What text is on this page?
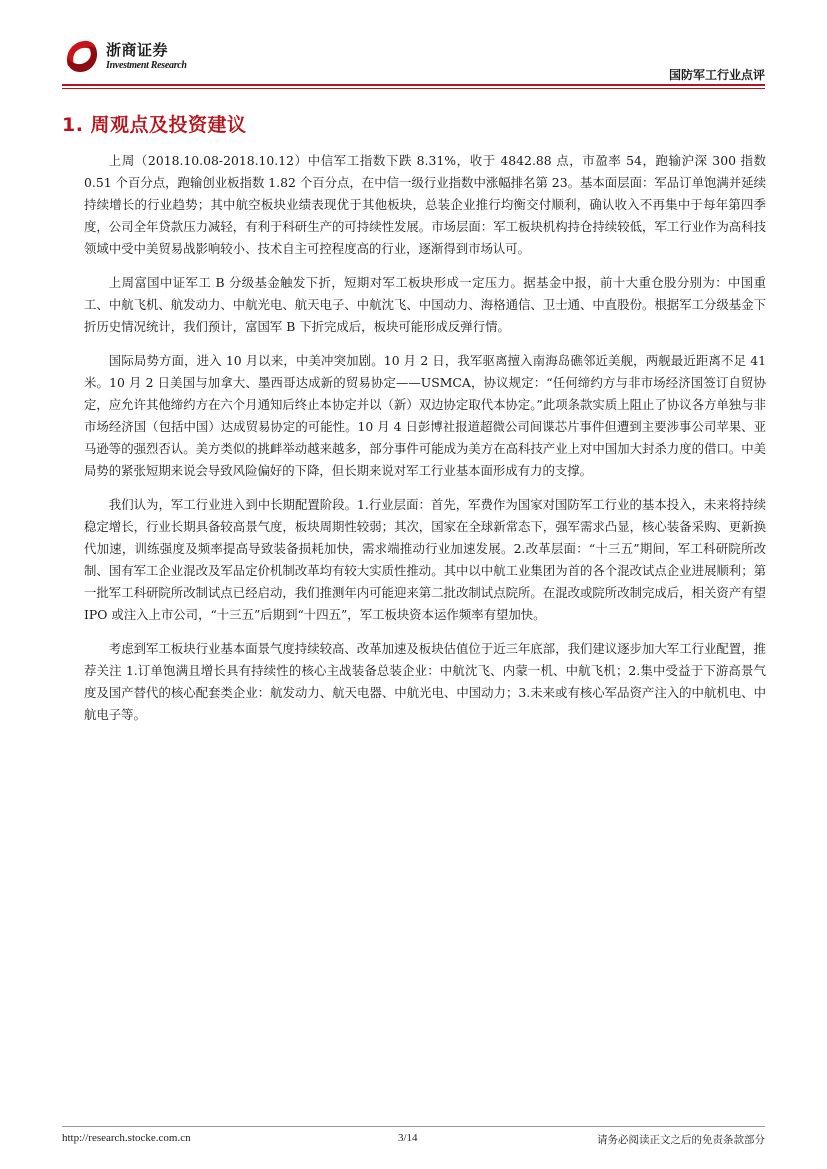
浙商证券
Investment Research
国防军工行业点评
1. 周观点及投资建议

上周（2018.10.08-2018.10.12）中信军工指数下跌 8.31%，收于 4842.88 点，市盈率 54，跑输沪深 300 指数 0.51 个百分点，跑输创业板指数 1.82 个百分点，在中信一级行业指数中涨幅排名第 23。基本面层面：军品订单饱满并延续持续增长的行业趋势；其中航空板块业绩表现优于其他板块，总装企业推行均衡交付顺利，确认收入不再集中于每年第四季度，公司全年贷款压力减轻，有利于科研生产的可持续性发展。市场层面：军工板块机构持仓持续较低，军工行业作为高科技领域中受中美贸易战影响较小、技术自主可控程度高的行业，逐渐得到市场认可。

上周富国中证军工 B 分级基金触发下折，短期对军工板块形成一定压力。据基金中报，前十大重仓股分别为：中国重工、中航飞机、航发动力、中航光电、航天电子、中航沈飞、中国动力、海格通信、卫士通、中直股份。根据军工分级基金下折历史情况统计，我们预计，富国军 B 下折完成后，板块可能形成反弹行情。

国际局势方面，进入 10 月以来，中美冲突加剧。10 月 2 日，我军驱离擅入南海岛礁邻近美舰，两舰最近距离不足 41 米。10 月 2 日美国与加拿大、墨西哥达成新的贸易协定——USMCA，协议规定：“任何缔约方与非市场经济国签订自贸协定，应允许其他缔约方在六个月通知后终止本协定并以（新）双边协定取代本协定。”此项条款实质上阻止了协议各方单独与非市场经济国（包括中国）达成贸易协定的可能性。10 月 4 日彭博社报道超微公司间谍芯片事件但遭到主要涉事公司苹果、亚马逊等的强烈否认。美方类似的挑衅举动越来越多，部分事件可能成为美方在高科技产业上对中国加大封杀力度的借口。中美局势的紧张短期来说会导致风险偏好的下降，但长期来说对军工行业基本面形成有力的支撑。

我们认为，军工行业进入到中长期配置阶段。1.行业层面：首先，军费作为国家对国防军工行业的基本投入，未来将持续稳定增长，行业长期具备较高景气度，板块周期性较弱；其次，国家在全球新常态下，强军需求凸显，核心装备采购、更新换代加速，训练强度及频率提高导致装备损耗加快，需求端推动行业加速发展。2.改革层面：“十三五”期间，军工科研院所改制、国有军工企业混改及军品定价机制改革均有较大实质性推动。其中以中航工业集团为首的各个混改试点企业进展顺利；第一批军工科研院所改制试点已经启动，我们推测年内可能迎来第二批改制试点院所。在混改或院所改制完成后，相关资产有望 IPO 或注入上市公司，“十三五”后期到“十四五”，军工板块资本运作频率有望加快。

考虑到军工板块行业基本面景气度持续较高、改革加速及板块估值位于近三年底部，我们建议逐步加大军工行业配置，推荐关注 1.订单饱满且增长具有持续性的核心主战装备总装企业：中航沈飞、内蒙一机、中航飞机；2.集中受益于下游高景气度及国产替代的核心配套类企业：航发动力、航天电器、中航光电、中国动力；3.未来或有核心军品资产注入的中航机电、中航电子等。

http://research.stocke.com.cn	3/14	请务必阅读正文之后的免责条款部分
